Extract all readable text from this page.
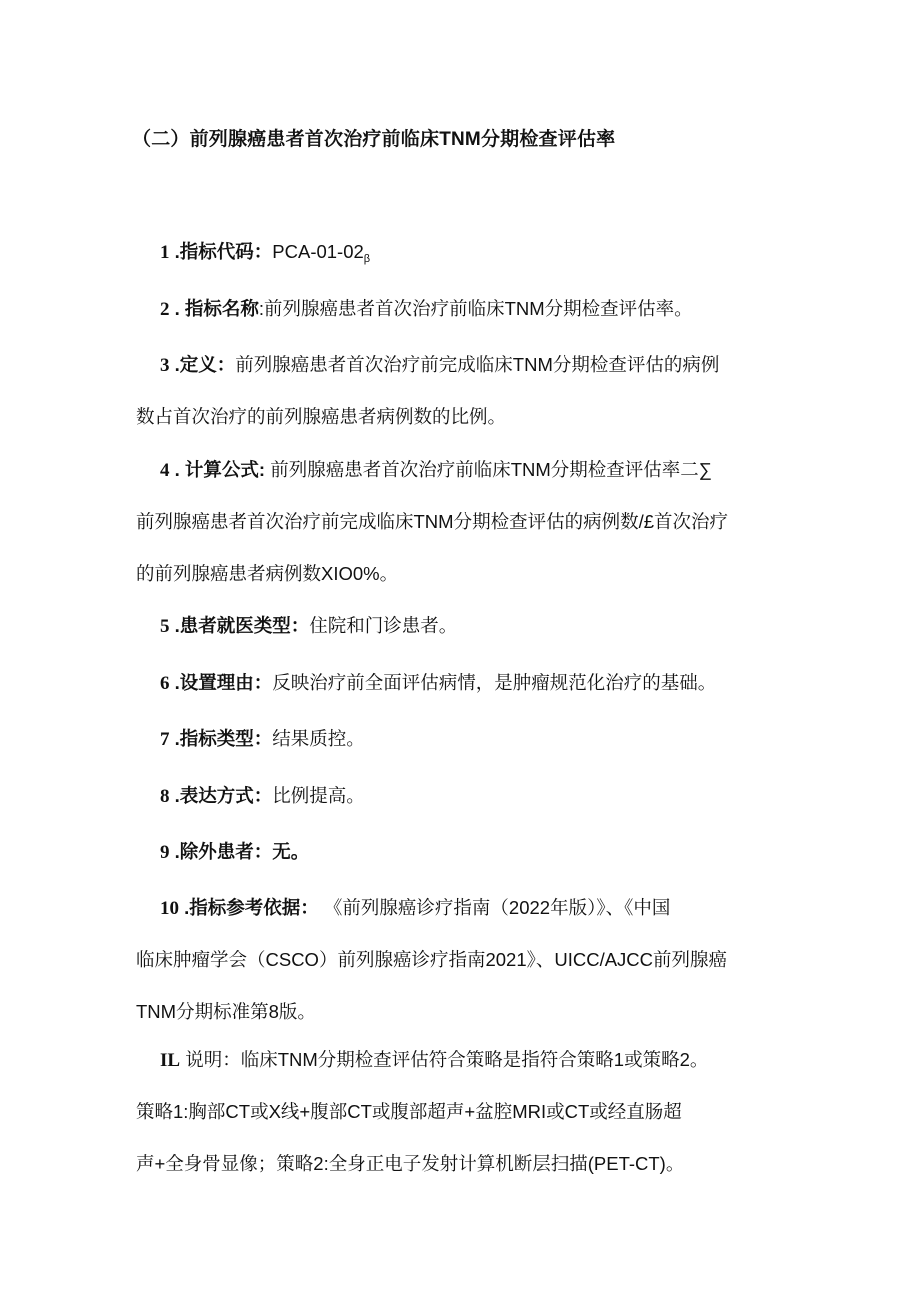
（二）前列腺癌患者首次治疗前临床TNM分期检查评估率
1 .指标代码：PCA-$01-02_\beta$
2 . 指标名称:前列腺癌患者首次治疗前临床TNM分期检查评估率。
3 .定义：前列腺癌患者首次治疗前完成临床TNM分期检查评估的病例
数占首次治疗的前列腺癌患者病例数的比例。
4 . 计算公式: 前列腺癌患者首次治疗前临床TNM分期检查评估率二∑
前列腺癌患者首次治疗前完成临床TNM分期检查评估的病例数/£首次治疗
的前列腺癌患者病例数XIO0%。
5 .患者就医类型：住院和门诊患者。
6 .设置理由：反映治疗前全面评估病情，是肿瘤规范化治疗的基础。
7 .指标类型：结果质控。
8 .表达方式：比例提高。
9 .除外患者：无。
10 .指标参考依据： 《前列腺癌诊疗指南（2022年版）》、《中国
临床肿瘤学会（CSCO）前列腺癌诊疗指南2021》、UICC/AJCC前列腺癌
TNM分期标准第8版。
IL 说明：临床TNM分期检查评估符合策略是指符合策略1或策略2。
策略1:胸部CT或X线+腹部CT或腹部超声+盆腔MRI或CT或经直肠超
声+全身骨显像；策略2:全身正电子发射计算机断层扫描(PET-CT)。
